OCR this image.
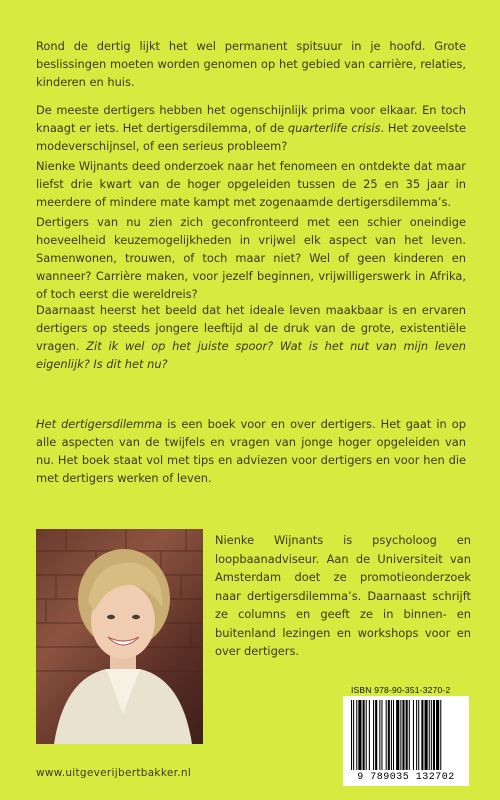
Rond de dertig lijkt het wel permanent spitsuur in je hoofd. Grote beslissingen moeten worden genomen op het gebied van carrière, relaties, kinderen en huis.

De meeste dertigers hebben het ogenschijnlijk prima voor elkaar. En toch knaagt er iets. Het dertigersdilemma, of de quarterlife crisis. Het zoveelste modeverschijnsel, of een serieus probleem?

Nienke Wijnants deed onderzoek naar het fenomeen en ontdekte dat maar liefst drie kwart van de hoger opgeleiden tussen de 25 en 35 jaar in meerdere of mindere mate kampt met zogenaamde dertigersdilemma’s.

Dertigers van nu zien zich geconfronteerd met een schier oneindige hoeveelheid keuzemogelijkheden in vrijwel elk aspect van het leven. Samenwonen, trouwen, of toch maar niet? Wel of geen kinderen en wanneer? Carrière maken, voor jezelf beginnen, vrijwilligerswerk in Afrika, of toch eerst die wereldreis?

Daarnaast heerst het beeld dat het ideale leven maakbaar is en ervaren dertigers op steeds jongere leeftijd al de druk van de grote, existentiële vragen. Zit ik wel op het juiste spoor? Wat is het nut van mijn leven eigenlijk? Is dit het nu?

Het dertigersdilemma is een boek voor en over dertigers. Het gaat in op alle aspecten van de twijfels en vragen van jonge hoger opgeleiden van nu. Het boek staat vol met tips en adviezen voor dertigers en voor hen die met dertigers werken of leven.

Nienke Wijnants is psycholoog en loopbaanadviseur. Aan de Universiteit van Amsterdam doet ze promotieonderzoek naar dertigersdilemma’s. Daarnaast schrijft ze columns en geeft ze in binnen- en buitenland lezingen en workshops voor en over dertigers.

ISBN 978-90-351-3270-2
9 789035 132702
www.uitgeverijbertbakker.nl
